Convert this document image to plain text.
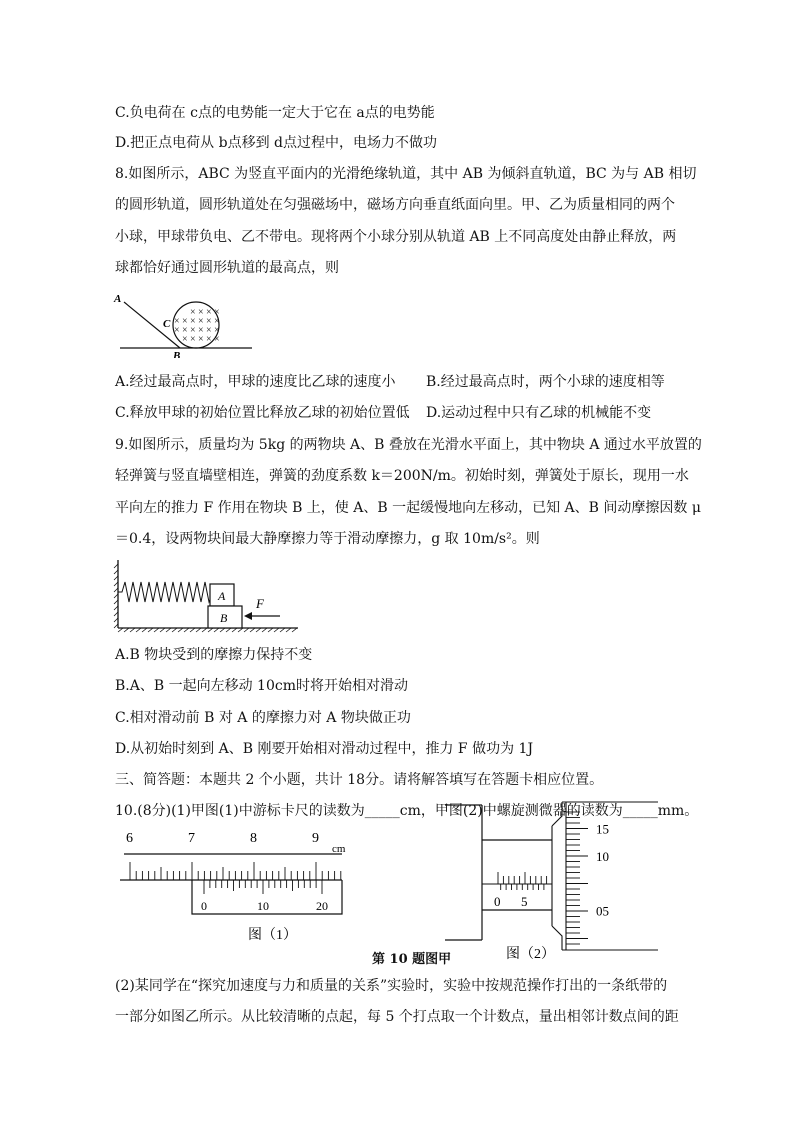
C.负电荷在 c点的电势能一定大于它在 a点的电势能
D.把正点电荷从 b点移到 d点过程中，电场力不做功
8.如图所示，ABC 为竖直平面内的光滑绝缘轨道，其中 AB 为倾斜直轨道，BC 为与 AB 相切
的圆形轨道，圆形轨道处在匀强磁场中，磁场方向垂直纸面向里。甲、乙为质量相同的两个
小球，甲球带负电、乙不带电。现将两个小球分别从轨道 AB 上不同高度处由静止释放，两
球都恰好通过圆形轨道的最高点，则
A
C
B
× × × ×
× × × × × ×
× × × × × ×
× × × × ×
A.经过最高点时，甲球的速度比乙球的速度小 B.经过最高点时，两个小球的速度相等
C.释放甲球的初始位置比释放乙球的初始位置低 D.运动过程中只有乙球的机械能不变
9.如图所示，质量均为 5kg 的两物块 A、B 叠放在光滑水平面上，其中物块 A 通过水平放置的
轻弹簧与竖直墙壁相连，弹簧的劲度系数 k＝200N/m。初始时刻，弹簧处于原长，现用一水
平向左的推力 F 作用在物块 B 上，使 A、B 一起缓慢地向左移动，已知 A、B 间动摩擦因数 μ
＝0.4，设两物块间最大静摩擦力等于滑动摩擦力，g 取 10m/s²。则
A
B
F
A.B 物块受到的摩擦力保持不变
B.A、B 一起向左移动 10cm时将开始相对滑动
C.相对滑动前 B 对 A 的摩擦力对 A 物块做正功
D.从初始时刻到 A、B 刚要开始相对滑动过程中，推力 F 做功为 1J
三、简答题：本题共 2 个小题，共计 18分。请将解答填写在答题卡相应位置。
10.(8分)(1)甲图(1)中游标卡尺的读数为_____cm，甲图(2)中螺旋测微器的读数为_____mm。
6	7	8	9
cm
0	10	20
图（1）
0 5
15
10
05
图（2）
第 10 题图甲
(2)某同学在“探究加速度与力和质量的关系”实验时，实验中按规范操作打出的一条纸带的
一部分如图乙所示。从比较清晰的点起，每 5 个打点取一个计数点，量出相邻计数点间的距
